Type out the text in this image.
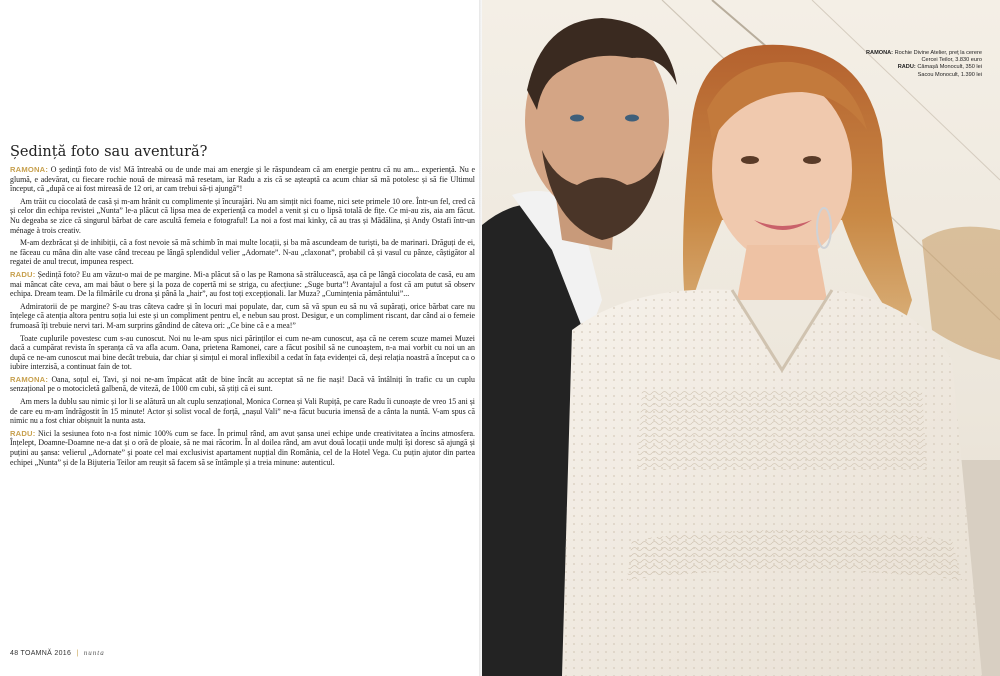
Ședință foto sau aventură?

RAMONA: O ședință foto de vis! Mă întreabă ou de unde mai am energie și le răspundeam că am energie pentru că nu am... experiență. Nu e glumă, e adevărat, cu fiecare rochie nouă de mireasă mă resetam, iar Radu a zis că se așteaptă ca acum chiar să mă potolesc și să fie Ultimul început, că „după ce ai fost mireasă de 12 ori, ar cam trebui să-ți ajungă”!

Am trăit cu ciocolată de casă și m-am hrănit cu complimente și încurajări. Nu am simțit nici foame, nici sete primele 10 ore. Într-un fel, cred că și celor din echipa revistei „Nunta” le-a plăcut că lipsa mea de experiență ca model a venit și cu o lipsă totală de fițe. Ce mi-au zis, aia am făcut. Nu degeaba se zice că singurul bărbat de care ascultă femeia e fotograful! La noi a fost mai kinky, că au tras și Mădălina, și Andy Ostafi într-un ménage à trois creativ.

M-am dezbrăcat și de inhibiții, că a fost nevoie să mă schimb în mai multe locații, și ba mă ascundeam de turiști, ba de marinari. Drăguți de ei, ne făceau cu mâna din alte vase când treceau pe lângă splendidul velier „Adornate”. N-au „claxonat”, probabil că și vasul cu pânze, câștigător al regatei de anul trecut, impunea respect.

RADU: Ședință foto? Eu am văzut-o mai de pe margine. Mi-a plăcut să o las pe Ramona să strălucească, așa că pe lângă ciocolata de casă, eu am mai mâncat câte ceva, am mai băut o bere și la poza de copertă mi se striga, cu afecțiune: „Suge burta”! Avantajul a fost că am putut să observ echipa. Dream team. De la filmările cu drona și până la „hair”, au fost toți excepționali. Iar Muza? „Cumințenia pământului”...

Admiratorii de pe margine? S-au tras câteva cadre și în locuri mai populate, dar, cum să vă spun eu să nu vă supărați, orice bărbat care nu înțelege că atenția altora pentru soția lui este și un compliment pentru el, e nebun sau prost. Desigur, e un compliment riscant, dar când ai o femeie frumoasă îți trebuie nervi tari. M-am surprins gândind de câteva ori: „Ce bine că e a mea!”

Toate cuplurile povestesc cum s-au cunoscut. Noi nu le-am spus nici părinților ei cum ne-am cunoscut, așa că ne cerem scuze mamei Muzei dacă a cumpărat revista în speranța că va afla acum. Oana, prietena Ramonei, care a făcut posibil să ne cunoaștem, n-a mai vorbit cu noi un an după ce ne-am cunoscut mai bine decât trebuia, dar chiar și simțul ei moral inflexibil a cedat în fața evidenței că, deși relația noastră a început ca o iubire interzisă, a continuat fain de tot.

RAMONA: Oana, soțul ei, Tavi, și noi ne-am împăcat atât de bine încât au acceptat să ne fie nași! Dacă vă întâlniți în trafic cu un cuplu senzațional pe o motocicletă galbenă, de viteză, de 1000 cm cubi, să știți că ei sunt.

Am mers la dublu sau nimic și lor li se alătură un alt cuplu senzațional, Monica Cornea și Vali Rupiță, pe care Radu îi cunoaște de vreo 15 ani și de care eu m-am îndrăgostit în 15 minute! Actor și solist vocal de forță, „nașul Vali” ne-a făcut bucuria imensă de a cânta la nuntă. V-am spus că nimic nu a fost chiar obișnuit la nunta asta.

RADU: Nici la sesiunea foto n-a fost nimic 100% cum se face. În primul rând, am avut șansa unei echipe unde creativitatea a încins atmosfera. Înțelept, Doamne-Doamne ne-a dat și o oră de ploaie, să ne mai răcorim. În al doilea rând, am avut două locații unde mulți își doresc să ajungă și puțini au șansa: velierul „Adornate” și poate cel mai exclusivist apartament nupțial din România, cel de la Hotel Vega. Cu puțin ajutor din partea echipei „Nunta” și de la Bijuteria Teilor am reușit să facem să se întâmple și a treia minune: autenticul.

48 TOAMNĂ 2016 | nunta
RAMONA: Rochie Divine Atelier, preț la cerere
Cercei Teilor, 3.830 euro
RADU: Cămașă Monocult, 350 lei
Sacou Monocult, 1.390 lei
